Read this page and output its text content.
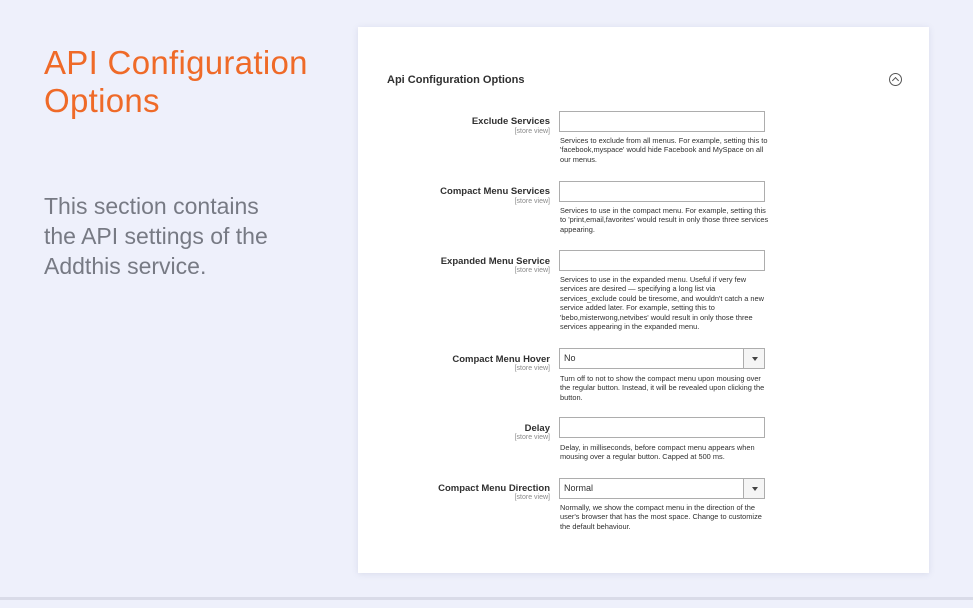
API Configuration Options
This section contains the API settings of the Addthis service.
Api Configuration Options
Exclude Services
[store view]
Services to exclude from all menus. For example, setting this to 'facebook,myspace' would hide Facebook and MySpace on all our menus.
Compact Menu Services
[store view]
Services to use in the compact menu. For example, setting this to 'print,email,favorites' would result in only those three services appearing.
Expanded Menu Service
[store view]
Services to use in the expanded menu. Useful if very few services are desired — specifying a long list via services_exclude could be tiresome, and wouldn't catch a new service added later. For example, setting this to 'bebo,misterwong,netvibes' would result in only those three services appearing in the expanded menu.
Compact Menu Hover
[store view]
No
Turn off to not to show the compact menu upon mousing over the regular button. Instead, it will be revealed upon clicking the button.
Delay
[store view]
Delay, in milliseconds, before compact menu appears when mousing over a regular button. Capped at 500 ms.
Compact Menu Direction
[store view]
Normal
Normally, we show the compact menu in the direction of the user's browser that has the most space. Change to customize the default behaviour.
